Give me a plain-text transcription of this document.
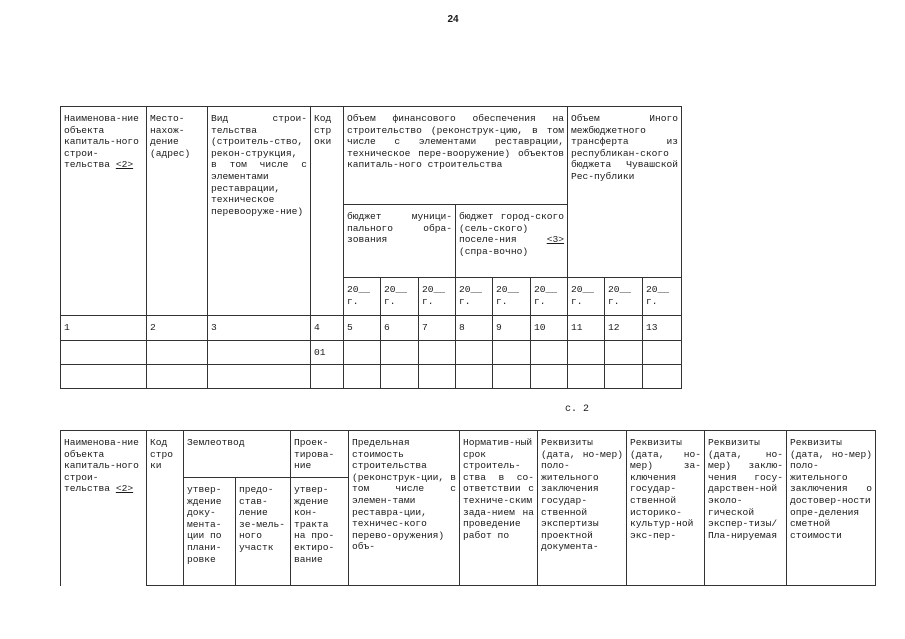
24
Наименова-ние объекта капиталь-ного строи-тельства <2>	Место-нахож-дение (адрес)	Вид строи-тельства (строитель-ство, рекон-струкция, в том числе с элементами реставрации, техническое перевооруже-ние)	Код стр оки	Объем финансового обеспечения на строительство (реконструк-цию, в том числе с элементами реставрации, техническое пере-вооружение) объектов капиталь-ного строительства						Объем Иного межбюджетного трансферта из республикан-ского бюджета Чувашской Рес-публики		
				бюджет муници-пального обра-зования			бюджет город-ского (сель-ского) поселе-ния <3> (спра-вочно)					
				20__ г.	20__ г.	20__ г.	20__ г.	20__ г.	20__ г.	20__ г.	20__ г.	20__ г.
1	2	3	4	5	6	7	8	9	10	11	12	13
			01									

с. 2
Наименова-ние объекта капиталь-ного строи-тельства <2>	Код стро ки	Землеотвод		Проек-тирова-ние	Предельная стоимость строительства (реконструк-ции, в том числе с элемен-тами реставра-ции, техничес-кого перево-оружения) объ-	Норматив-ный срок строитель-ства в со-ответствии с техниче-ским зада-нием на проведение работ по	Реквизиты (дата, но-мер) поло-жительного заключения государ-ственной экспертизы проектной документа-	Реквизиты (дата, но-мер) за-ключения государ-ственной историко-культур-ной экс-пер-	Реквизиты (дата, но-мер) заклю-чения госу-дарствен-ной эколо-гической экспер-тизы/Пла-нируемая	Реквизиты (дата, но-мер) поло-жительного заключения о достовер-ности опре-деления сметной стоимости
		утвер-ждение доку-мента-ции по плани-ровке	предо-став-ление зе-мель-ного участк	утвер-ждение кон-тракта на про-ектиро-вание						
